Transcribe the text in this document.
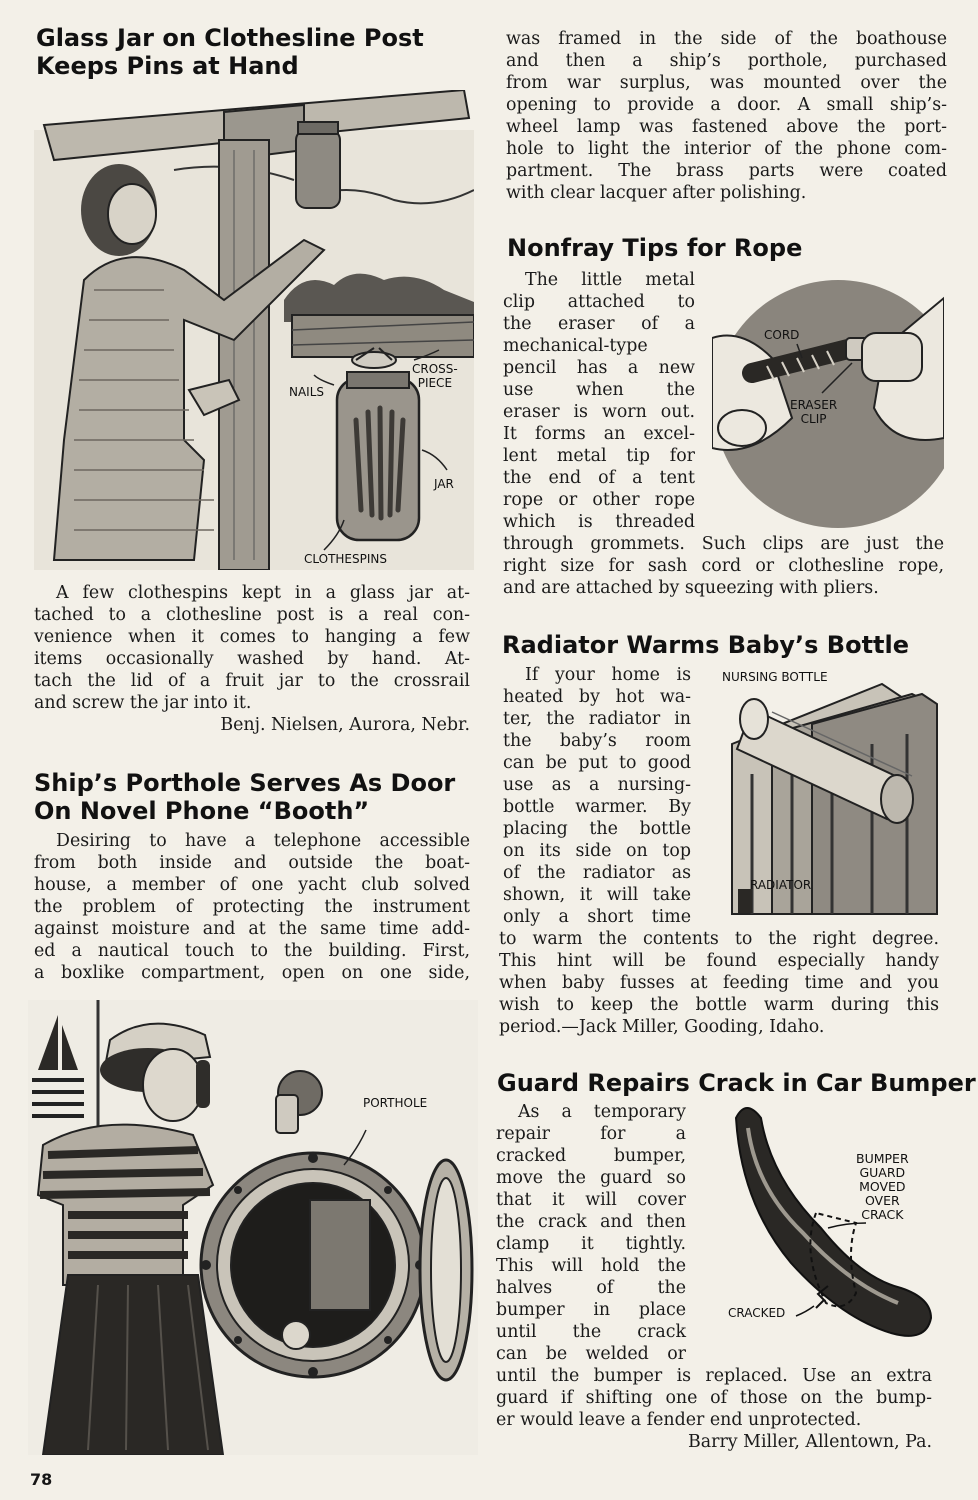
Glass Jar on Clothesline Post
Keeps Pins at Hand
CROSS-
PIECE
NAILS
JAR
CLOTHESPINS
A few clothespins kept in a glass jar at-
tached to a clothesline post is a real con-
venience when it comes to hanging a few
items occasionally washed by hand. At-
tach the lid of a fruit jar to the crossrail
and screw the jar into it.
Benj. Nielsen, Aurora, Nebr.
Ship’s Porthole Serves As Door
On Novel Phone “Booth”
Desiring to have a telephone accessible
from both inside and outside the boat-
house, a member of one yacht club solved
the problem of protecting the instrument
against moisture and at the same time add-
ed a nautical touch to the building. First,
a boxlike compartment, open on one side,
PORTHOLE
was framed in the side of the boathouse
and then a ship’s porthole, purchased
from war surplus, was mounted over the
opening to provide a door. A small ship’s-
wheel lamp was fastened above the port-
hole to light the interior of the phone com-
partment. The brass parts were coated
with clear lacquer after polishing.
Nonfray Tips for Rope
The little metal
clip attached to
the eraser of a
mechanical-type
pencil has a new
use when the
eraser is worn out.
It forms an excel-
lent metal tip for
the end of a tent
rope or other rope
which is threaded
through grommets. Such clips are just the
right size for sash cord or clothesline rope,
and are attached by squeezing with pliers.
CORD
ERASER
CLIP
Radiator Warms Baby’s Bottle
If your home is
heated by hot wa-
ter, the radiator in
the baby’s room
can be put to good
use as a nursing-
bottle warmer. By
placing the bottle
on its side on top
of the radiator as
shown, it will take
only a short time
to warm the contents to the right degree.
This hint will be found especially handy
when baby fusses at feeding time and you
wish to keep the bottle warm during this
period.—Jack Miller, Gooding, Idaho.
NURSING BOTTLE
RADIATOR
Guard Repairs Crack in Car Bumper
As a temporary
repair for a
cracked bumper,
move the guard so
that it will cover
the crack and then
clamp it tightly.
This will hold the
halves of the
bumper in place
until the crack
can be welded or
until the bumper is replaced. Use an extra
guard if shifting one of those on the bump-
er would leave a fender end unprotected.
Barry Miller, Allentown, Pa.
BUMPER
GUARD
MOVED
OVER
CRACK
CRACKED
78
